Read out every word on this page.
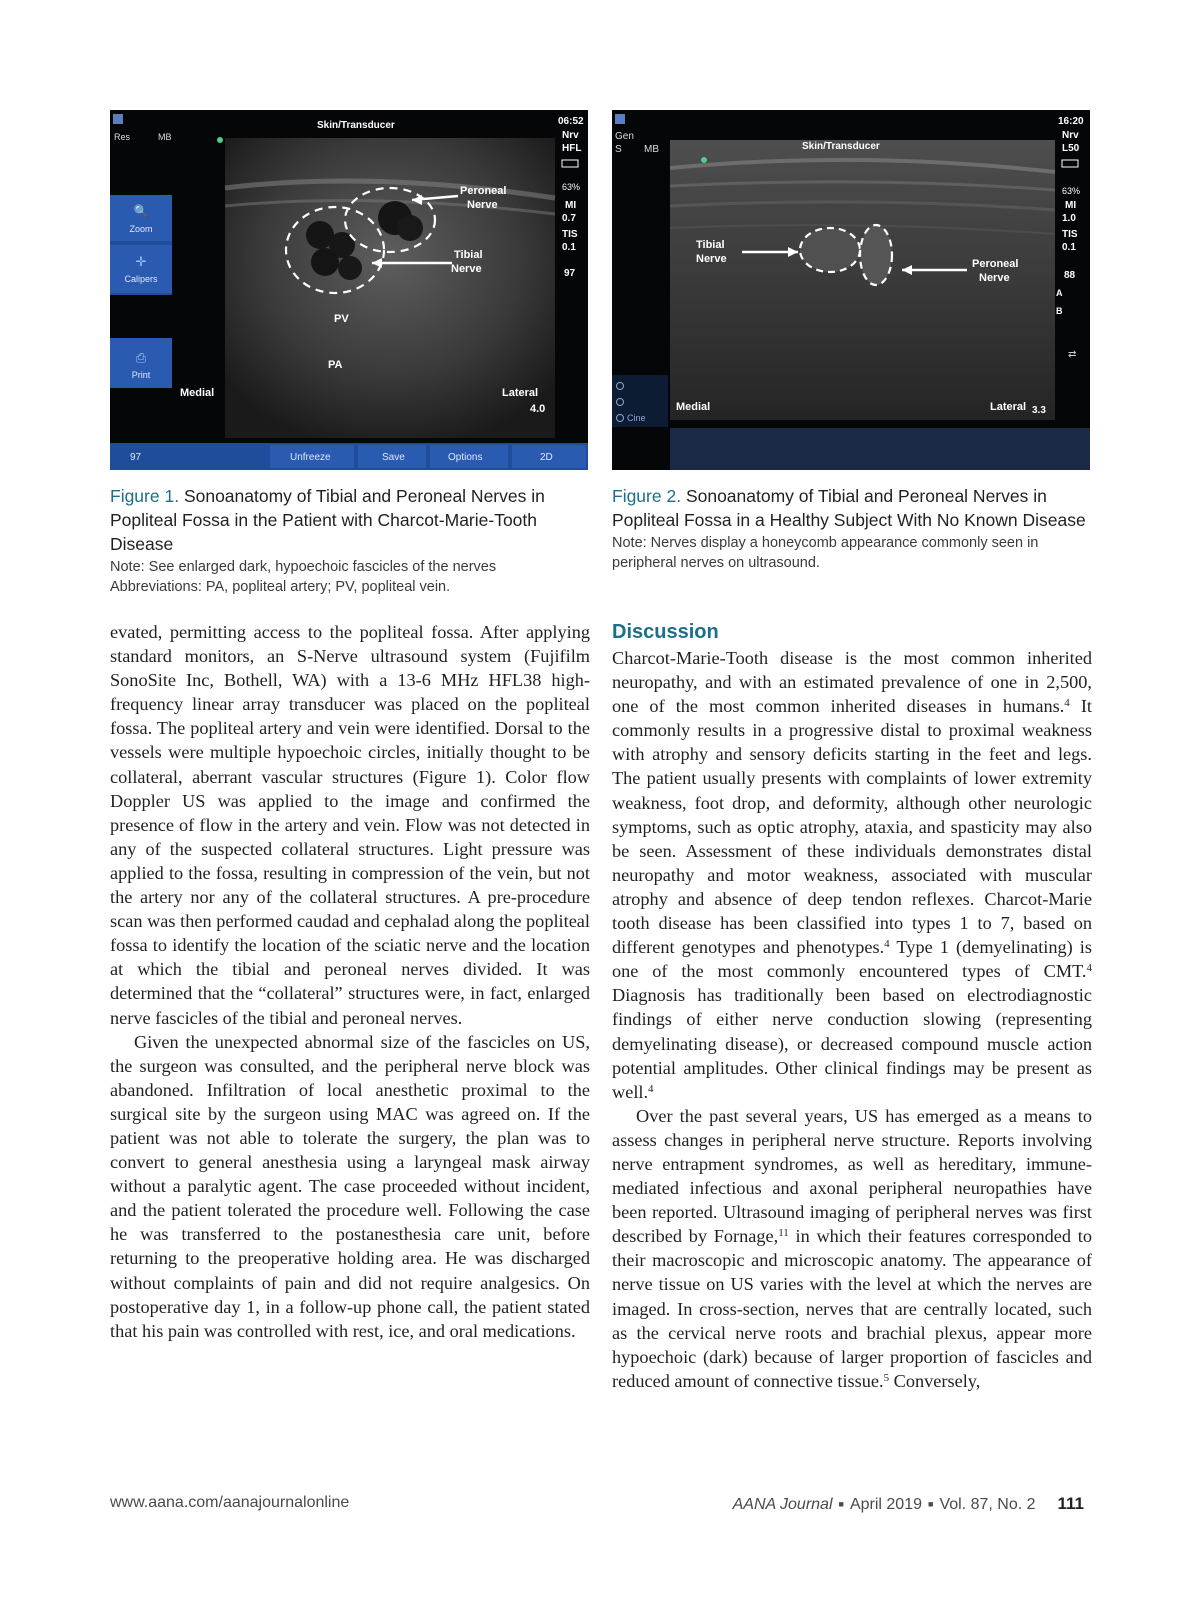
Peroneal
Nerve
Tibial
Nerve
PV
PA
Medial	Lateral
4.0
Skin/Transducer
Res	MB
🔍
Zoom
✛
Calipers
⎙
Print
06:52
Nrv
HFL
63%
MI
0.7
TIS
0.1
97
97	Unfreeze	Save	Options	2D
Tibial
Nerve	Peroneal
Nerve
Medial	Lateral 3.3
Skin/Transducer
Gen
S MB
Cine
16:20
Nrv
L50
63%
MI
1.0
TIS
0.1
88
A
B
⇄
Figure 1. Sonoanatomy of Tibial and Peroneal Nerves in Popliteal Fossa in the Patient with Charcot-Marie-Tooth Disease
Note: See enlarged dark, hypoechoic fascicles of the nerves
Abbreviations: PA, popliteal artery; PV, popliteal vein.
Figure 2. Sonoanatomy of Tibial and Peroneal Nerves in Popliteal Fossa in a Healthy Subject With No Known Disease
Note: Nerves display a honeycomb appearance commonly seen in peripheral nerves on ultrasound.

evated, permitting access to the popliteal fossa. After applying standard monitors, an S-Nerve ultrasound system (Fujifilm SonoSite Inc, Bothell, WA) with a 13-6 MHz HFL38 high-frequency linear array transducer was placed on the popliteal fossa. The popliteal artery and vein were identified. Dorsal to the vessels were multiple hypoechoic circles, initially thought to be collateral, aberrant vascular structures (Figure 1). Color flow Doppler US was applied to the image and confirmed the presence of flow in the artery and vein. Flow was not detected in any of the suspected collateral structures. Light pressure was applied to the fossa, resulting in compression of the vein, but not the artery nor any of the collateral structures. A pre-procedure scan was then performed caudad and cephalad along the popliteal fossa to identify the location of the sciatic nerve and the location at which the tibial and peroneal nerves divided. It was determined that the “collateral” structures were, in fact, enlarged nerve fascicles of the tibial and peroneal nerves.

Given the unexpected abnormal size of the fascicles on US, the surgeon was consulted, and the peripheral nerve block was abandoned. Infiltration of local anesthetic proximal to the surgical site by the surgeon using MAC was agreed on. If the patient was not able to tolerate the surgery, the plan was to convert to general anesthesia using a laryngeal mask airway without a paralytic agent. The case proceeded without incident, and the patient tolerated the procedure well. Following the case he was transferred to the postanesthesia care unit, before returning to the preoperative holding area. He was discharged without complaints of pain and did not require analgesics. On postoperative day 1, in a follow-up phone call, the patient stated that his pain was controlled with rest, ice, and oral medications.

Discussion

Charcot-Marie-Tooth disease is the most common inherited neuropathy, and with an estimated prevalence of one in 2,500, one of the most common inherited diseases in humans.$^4$ It commonly results in a progressive distal to proximal weakness with atrophy and sensory deficits starting in the feet and legs. The patient usually presents with complaints of lower extremity weakness, foot drop, and deformity, although other neurologic symptoms, such as optic atrophy, ataxia, and spasticity may also be seen. Assessment of these individuals demonstrates distal neuropathy and motor weakness, associated with muscular atrophy and absence of deep tendon reflexes. Charcot-Marie tooth disease has been classified into types 1 to 7, based on different genotypes and phenotypes.$^4$ Type 1 (demyelinating) is one of the most commonly encountered types of CMT.$^4$ Diagnosis has traditionally been based on electrodiagnostic findings of either nerve conduction slowing (representing demyelinating disease), or decreased compound muscle action potential amplitudes. Other clinical findings may be present as well.$^4$

Over the past several years, US has emerged as a means to assess changes in peripheral nerve structure. Reports involving nerve entrapment syndromes, as well as hereditary, immune-mediated infectious and axonal peripheral neuropathies have been reported. Ultrasound imaging of peripheral nerves was first described by Fornage,$^{11}$ in which their features corresponded to their macroscopic and microscopic anatomy. The appearance of nerve tissue on US varies with the level at which the nerves are imaged. In cross-section, nerves that are centrally located, such as the cervical nerve roots and brachial plexus, appear more hypoechoic (dark) because of larger proportion of fascicles and reduced amount of connective tissue.$^5$ Conversely,

www.aana.com/aanajournalonline	AANA Journal ■ April 2019 ■ Vol. 87, No. 2 111
